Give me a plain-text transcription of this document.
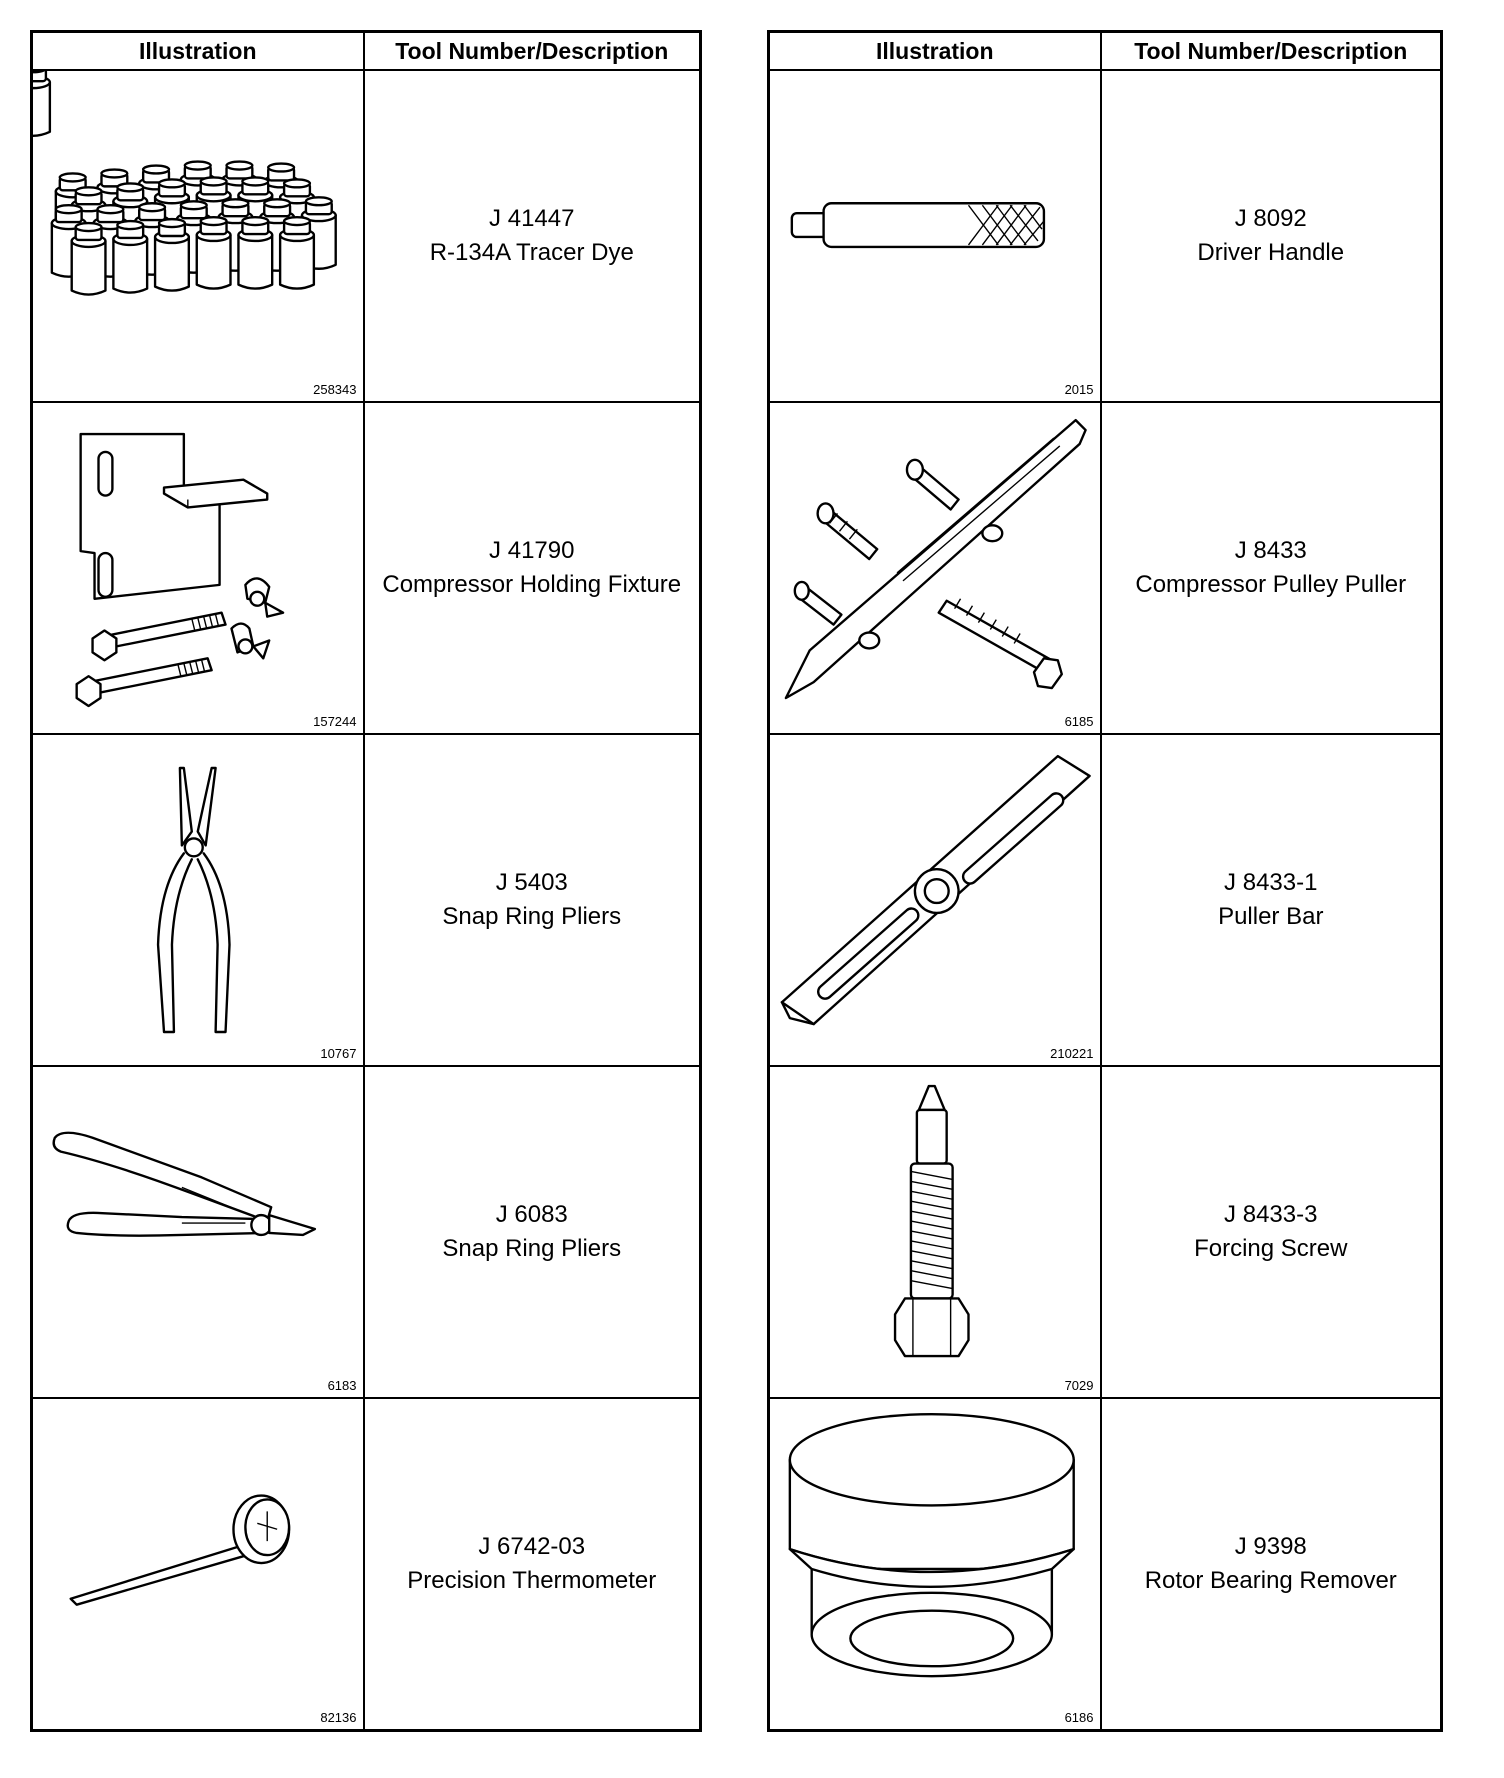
Illustration	Tool Number/Description

258343	J 41447
R-134A Tracer Dye

157244	J 41790
Compressor Holding Fixture

10767	J 5403
Snap Ring Pliers

6183	J 6083
Snap Ring Pliers

82136	J 6742-03
Precision Thermometer
Illustration	Tool Number/Description

2015	J 8092
Driver Handle

6185	J 8433
Compressor Pulley Puller

210221	J 8433-1
Puller Bar

7029	J 8433-3
Forcing Screw

6186	J 9398
Rotor Bearing Remover
